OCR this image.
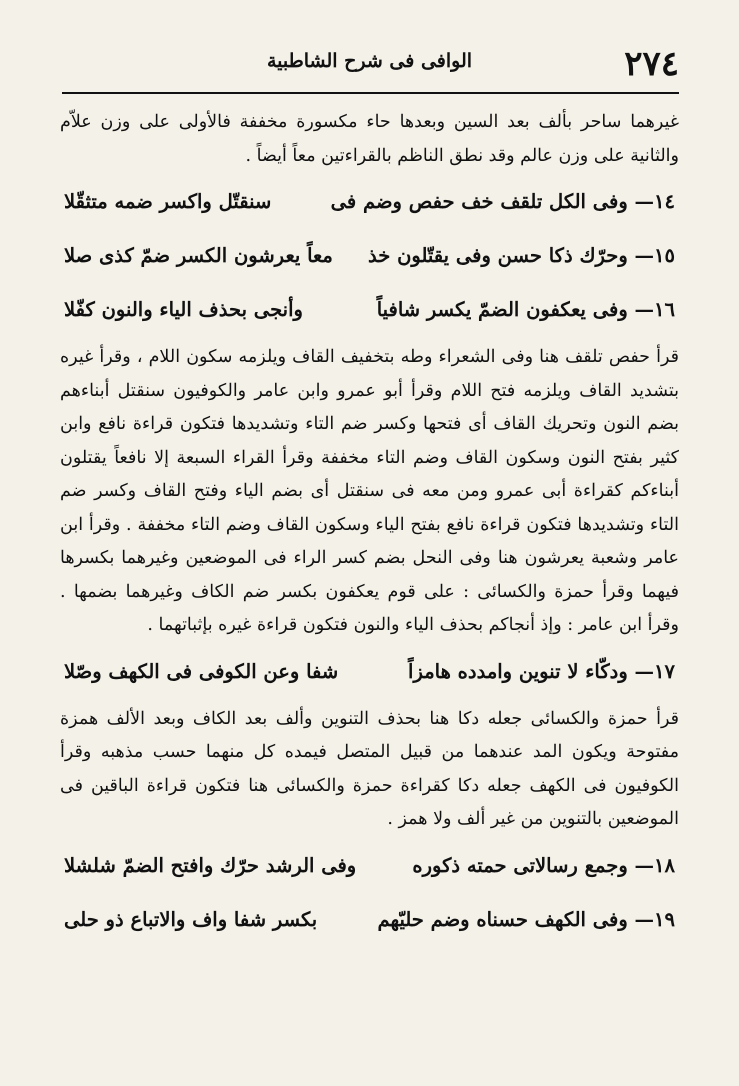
٢٧٤
الوافى فى شرح الشاطبية

غيرهما ساحر بألف بعد السين وبعدها حاء مكسورة مخففة فالأولى على وزن علاّم والثانية على وزن عالم وقد نطق الناظم بالقراءتين معاً أيضاً .

١٤— وفى الكل تلقف خف حفص وضم فى
سنقتّل واكسر ضمه متثقّلا
١٥— وحرّك ذكا حسن وفى يقتّلون خذ
معاً يعرشون الكسر ضمّ كذى صلا
١٦— وفى يعكفون الضمّ يكسر شافياً
وأنجى بحذف الياء والنون كفّلا

قرأ حفص تلقف هنا وفى الشعراء وطه بتخفيف القاف ويلزمه سكون اللام ، وقرأ غيره بتشديد القاف ويلزمه فتح اللام وقرأ أبو عمرو وابن عامر والكوفيون سنقتل أبناءهم بضم النون وتحريك القاف أى فتحها وكسر ضم التاء وتشديدها فتكون قراءة نافع وابن كثير بفتح النون وسكون القاف وضم التاء مخففة وقرأ القراء السبعة إلا نافعاً يقتلون أبناءكم كقراءة أبى عمرو ومن معه فى سنقتل أى بضم الياء وفتح القاف وكسر ضم التاء وتشديدها فتكون قراءة نافع بفتح الياء وسكون القاف وضم التاء مخففة . وقرأ ابن عامر وشعبة يعرشون هنا وفى النحل بضم كسر الراء فى الموضعين وغيرهما بكسرها فيهما وقرأ حمزة والكسائى : على قوم يعكفون بكسر ضم الكاف وغيرهما بضمها . وقرأ ابن عامر : وإذ أنجاكم بحذف الياء والنون فتكون قراءة غيره بإثباتهما .

١٧— ودكّاء لا تنوين وامدده هامزاً
شفا وعن الكوفى فى الكهف وصّلا

قرأ حمزة والكسائى جعله دكا هنا بحذف التنوين وألف بعد الكاف وبعد الألف همزة مفتوحة ويكون المد عندهما من قبيل المتصل فيمده كل منهما حسب مذهبه وقرأ الكوفيون فى الكهف جعله دكا كقراءة حمزة والكسائى هنا فتكون قراءة الباقين فى الموضعين بالتنوين من غير ألف ولا همز .

١٨— وجمع رسالاتى حمته ذكوره
وفى الرشد حرّك وافتح الضمّ شلشلا
١٩— وفى الكهف حسناه وضم حليّهم
بكسر شفا واف والاتباع ذو حلى
